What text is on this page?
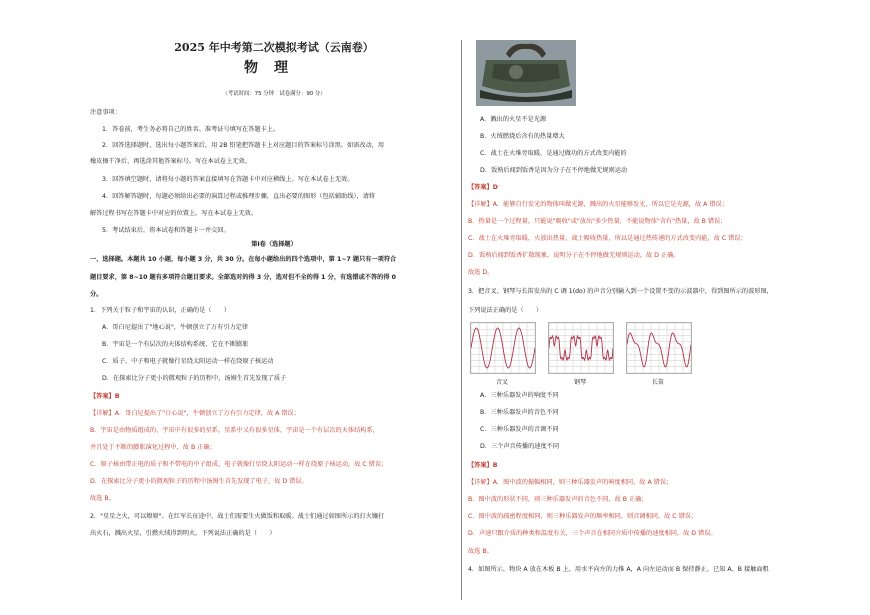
2025 年中考第二次模拟考试（云南卷）
物理
（考试时间：75 分钟　试卷满分：90 分）
注意事项：
1．答卷前，考生务必将自己的姓名、准考证号填写在答题卡上。
2．回答选择题时，选出每小题答案后，用 2B 铅笔把答题卡上对应题目的答案标号涂黑。如需改动，用
橡皮擦干净后，再选涂其他答案标号。写在本试卷上无效。
3．回答填空题时，请将每小题的答案直接填写在答题卡中对应横线上。写在本试卷上无效。
4．回答解答题时，每题必须给出必要的演算过程或推理步骤，直出必要的图形（包括辅助线），请将
解答过程书写在答题卡中对应的位置上。写在本试卷上无效。
5．考试结束后，将本试卷和答题卡一并交回。
第Ⅰ卷（选择题）
一、选择题。本题共 10 小题，每小题 3 分，共 30 分。在每小题给出的四个选项中，第 1~7 题只有一项符合
题目要求，第 8~10 题有多项符合题目要求。全部选对的得 3 分，选对但不全的得 1 分，有选错或不答的得 0
分。
1．下列关于粒子和宇宙的认识，正确的是（　　）
A．哥白尼提出了"地心说"，牛顿创立了万有引力定律
B．宇宙是一个有层次的天体结构系统，它在不断膨胀
C．质子、中子和电子就像行星绕太阳运动一样在绕原子核运动
D．在探索比分子更小的微观粒子的历程中，汤姆生首先发现了质子
【答案】B
【详解】A．哥白尼提出了"日心说"，牛顿创立了万有引力定律，故 A 错误；
B．宇宙是由物质组成的，宇宙中有很多的星系，星系中又有很多星体，宇宙是一个有层次的天体结构系，
并且处于不断的膨胀演化过程中，故 B 正确；
C．原子核由带正电的质子和不带电的中子组成，电子就像行星绕太阳运动一样在绕原子核运动，故 C 错误；
D．在探索比分子更小的微观粒子的历程中汤姆生首先发现了电子，故 D 错误。
故选 B。
2．"星星之火，可以燎原"。在红军长征途中，战士们需要生火做饭和取暖。战士们通过如图所示的打火镰打
出火石，溅出火星，引燃火绒得到明火。下列说法正确的是（　　）
A．溅出的火星不是光源
B．火绒燃烧后含有的热量增大
C．战士在火堆旁取暖，是通过做功的方式改变内能的
D．饭熟后闻到饭香是因为分子在不停地做无规则运动
【答案】D
【详解】A．能够自行发光的物体叫做光源，溅出的火星能够发光，所以它是光源，故 A 错误；
B．热量是一个过程量，只能说"吸收"或"放出"多少热量，不能说物体"含有"热量，故 B 错误；
C．战士在火堆旁取暖，火放出热量，战士吸收热量，所以是通过热传递的方式改变内能，故 C 错误；
D．饭熟后闻到饭香扩散现象，说明分子在不停地做无规则运动，故 D 正确。
故选 D。
3．把音叉、钢琴与长笛发出的 C 调 1(do) 的声音分别输入到一个设置不变的示波器中，得到图所示的波形图，
下列说法正确的是（　　）
音叉	钢琴	长笛
A．三种乐器发声的响度不同
B．三种乐器发声的音色不同
C．三种乐器发声的音调不同
D．三个声音传播的速度不同
【答案】B
【详解】A．图中波的振幅相同，则三种乐器发声的响度相同，故 A 错误；
B．图中波的形状不同，则三种乐器发声的音色不同，故 B 正确；
C．图中波的疏密程度相同，则三种乐器发声的频率相同，则音调相同，故 C 错误；
D．声速只跟介质的种类和温度有关，三个声音在相同介质中传播的速度相同，故 D 错误。
故选 B。
4．如图所示，物块 A 放在木板 B 上，用水平向左的力推 A，A 向左运动而 B 保持静止，已知 A、B 接触面粗
